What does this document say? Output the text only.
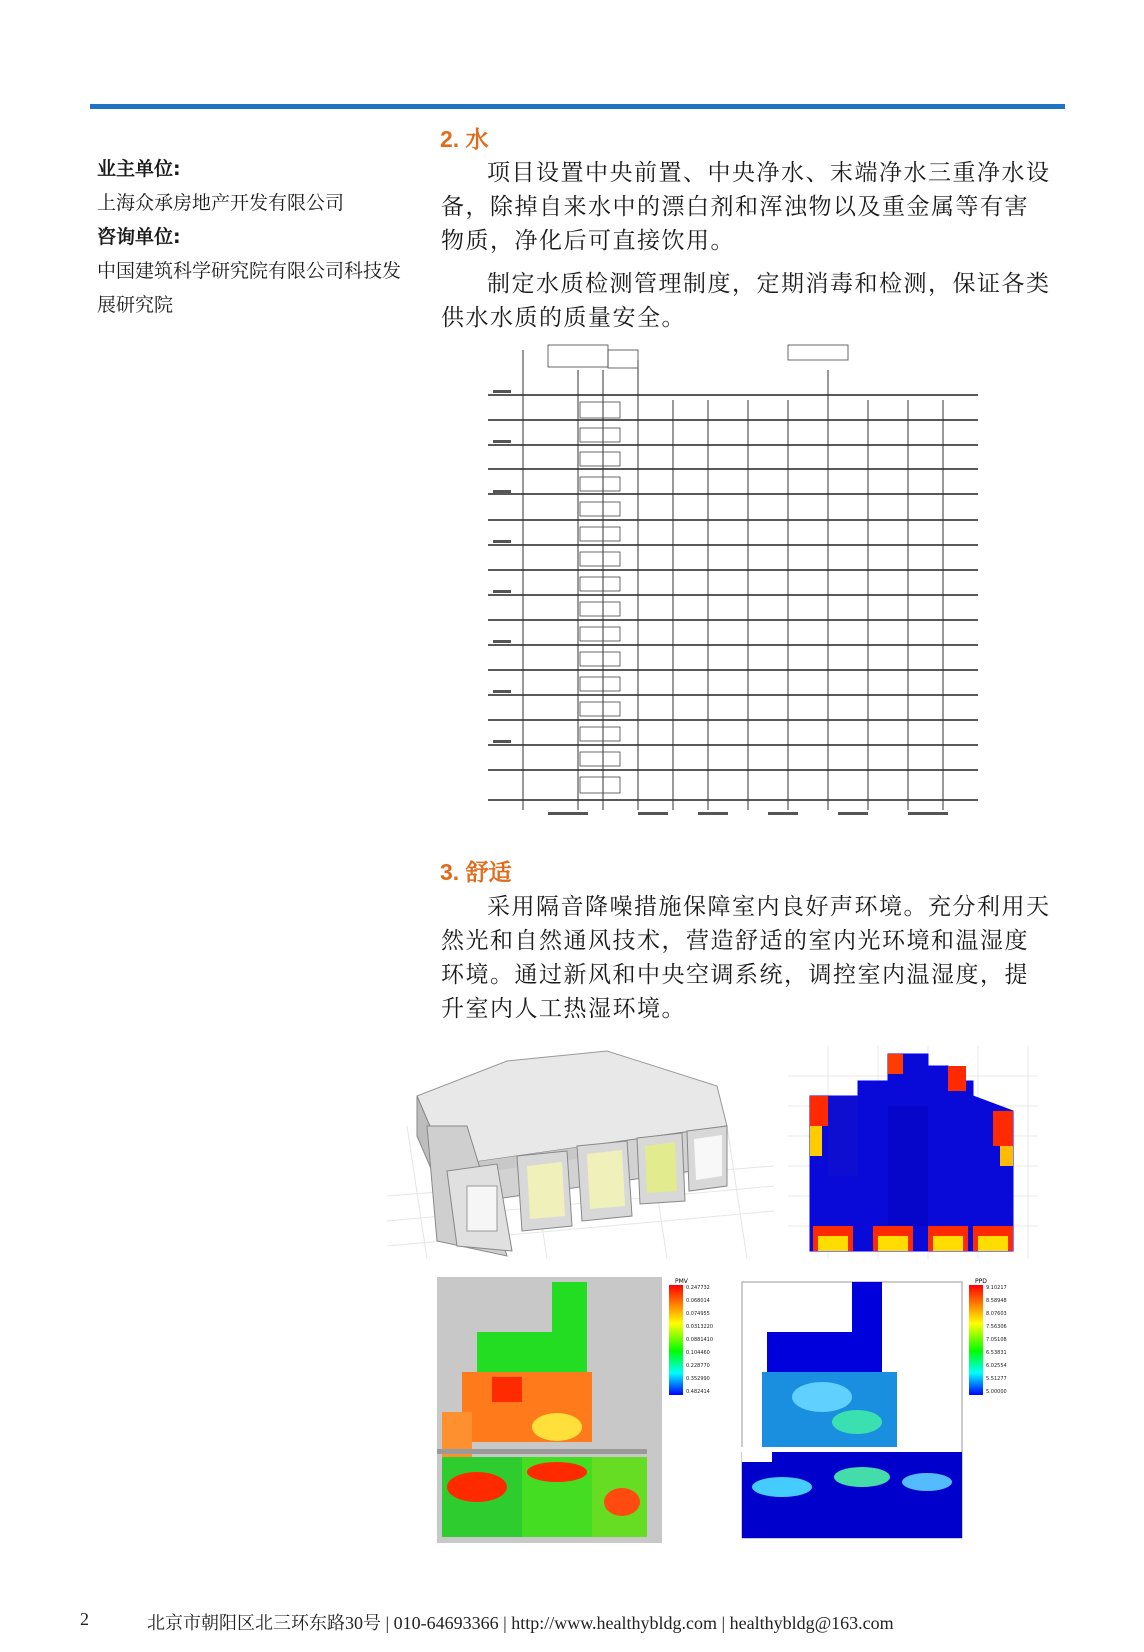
业主单位:
上海众承房地产开发有限公司
咨询单位:
中国建筑科学研究院有限公司科技发展研究院
2. 水

项目设置中央前置、中央净水、末端净水三重净水设备，除掉自来水中的漂白剂和浑浊物以及重金属等有害物质，净化后可直接饮用。

制定水质检测管理制度，定期消毒和检测，保证各类供水水质的质量安全。

3. 舒适

采用隔音降噪措施保障室内良好声环境。充分利用天然光和自然通风技术，营造舒适的室内光环境和温湿度环境。通过新风和中央空调系统，调控室内温湿度，提升室内人工热湿环境。

PMV
0.247732
0.068014
0.074955
0.0313220
0.0881410
0.104460
0.228770
0.352990
0.482414
PPD
9.10217
8.58948
8.07603
7.56306
7.05108
6.53831
6.02554
5.51277
5.00000
2	北京市朝阳区北三环东路30号 | 010-64693366 | http://www.healthybldg.com | healthybldg@163.com
